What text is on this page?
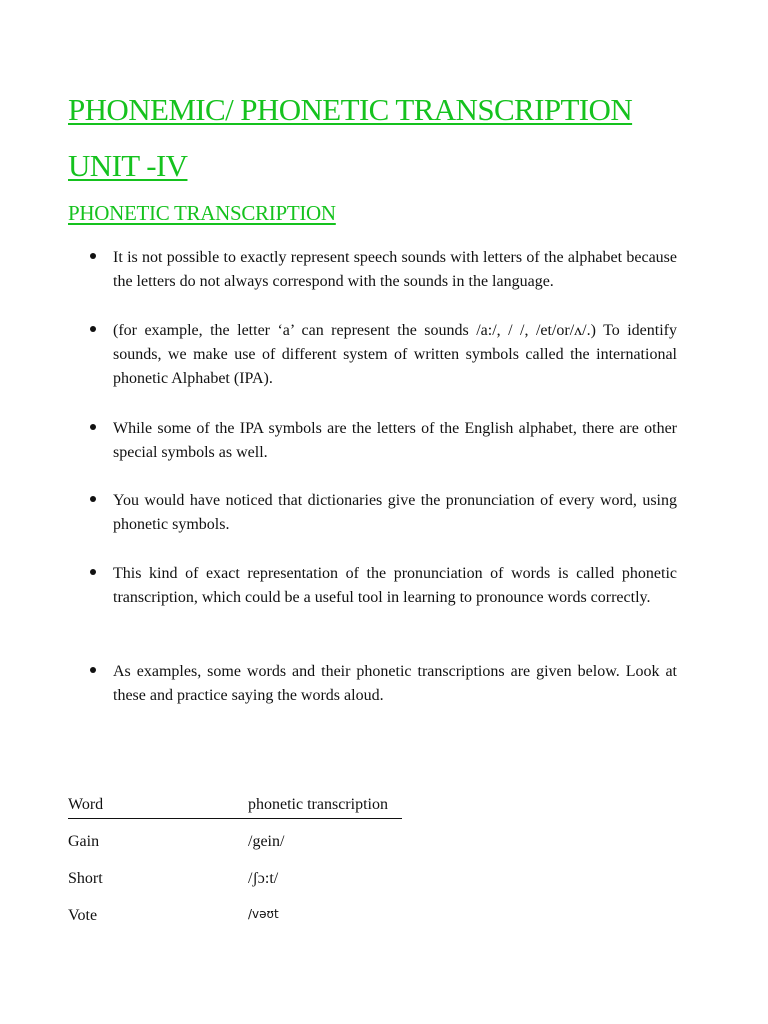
PHONEMIC/ PHONETIC TRANSCRIPTION
UNIT -IV
PHONETIC TRANSCRIPTION
It is not possible to exactly represent speech sounds with letters of the alphabet because the letters do not always correspond with the sounds in the language.
(for example, the letter ‘a’ can represent the sounds /a:/, / /, /et/or/ʌ/.) To identify sounds, we make use of different system of written symbols called the international phonetic Alphabet (IPA).
While some of the IPA symbols are the letters of the English alphabet, there are other special symbols as well.
You would have noticed that dictionaries give the pronunciation of every word, using phonetic symbols.
This kind of exact representation of the pronunciation of words is called phonetic transcription, which could be a useful tool in learning to pronounce words correctly.
As examples, some words and their phonetic transcriptions are given below. Look at these and practice saying the words aloud.
Word	phonetic transcription
Gain	/gein/
Short	/ʃɔ:t/
Vote	/vəʊt
